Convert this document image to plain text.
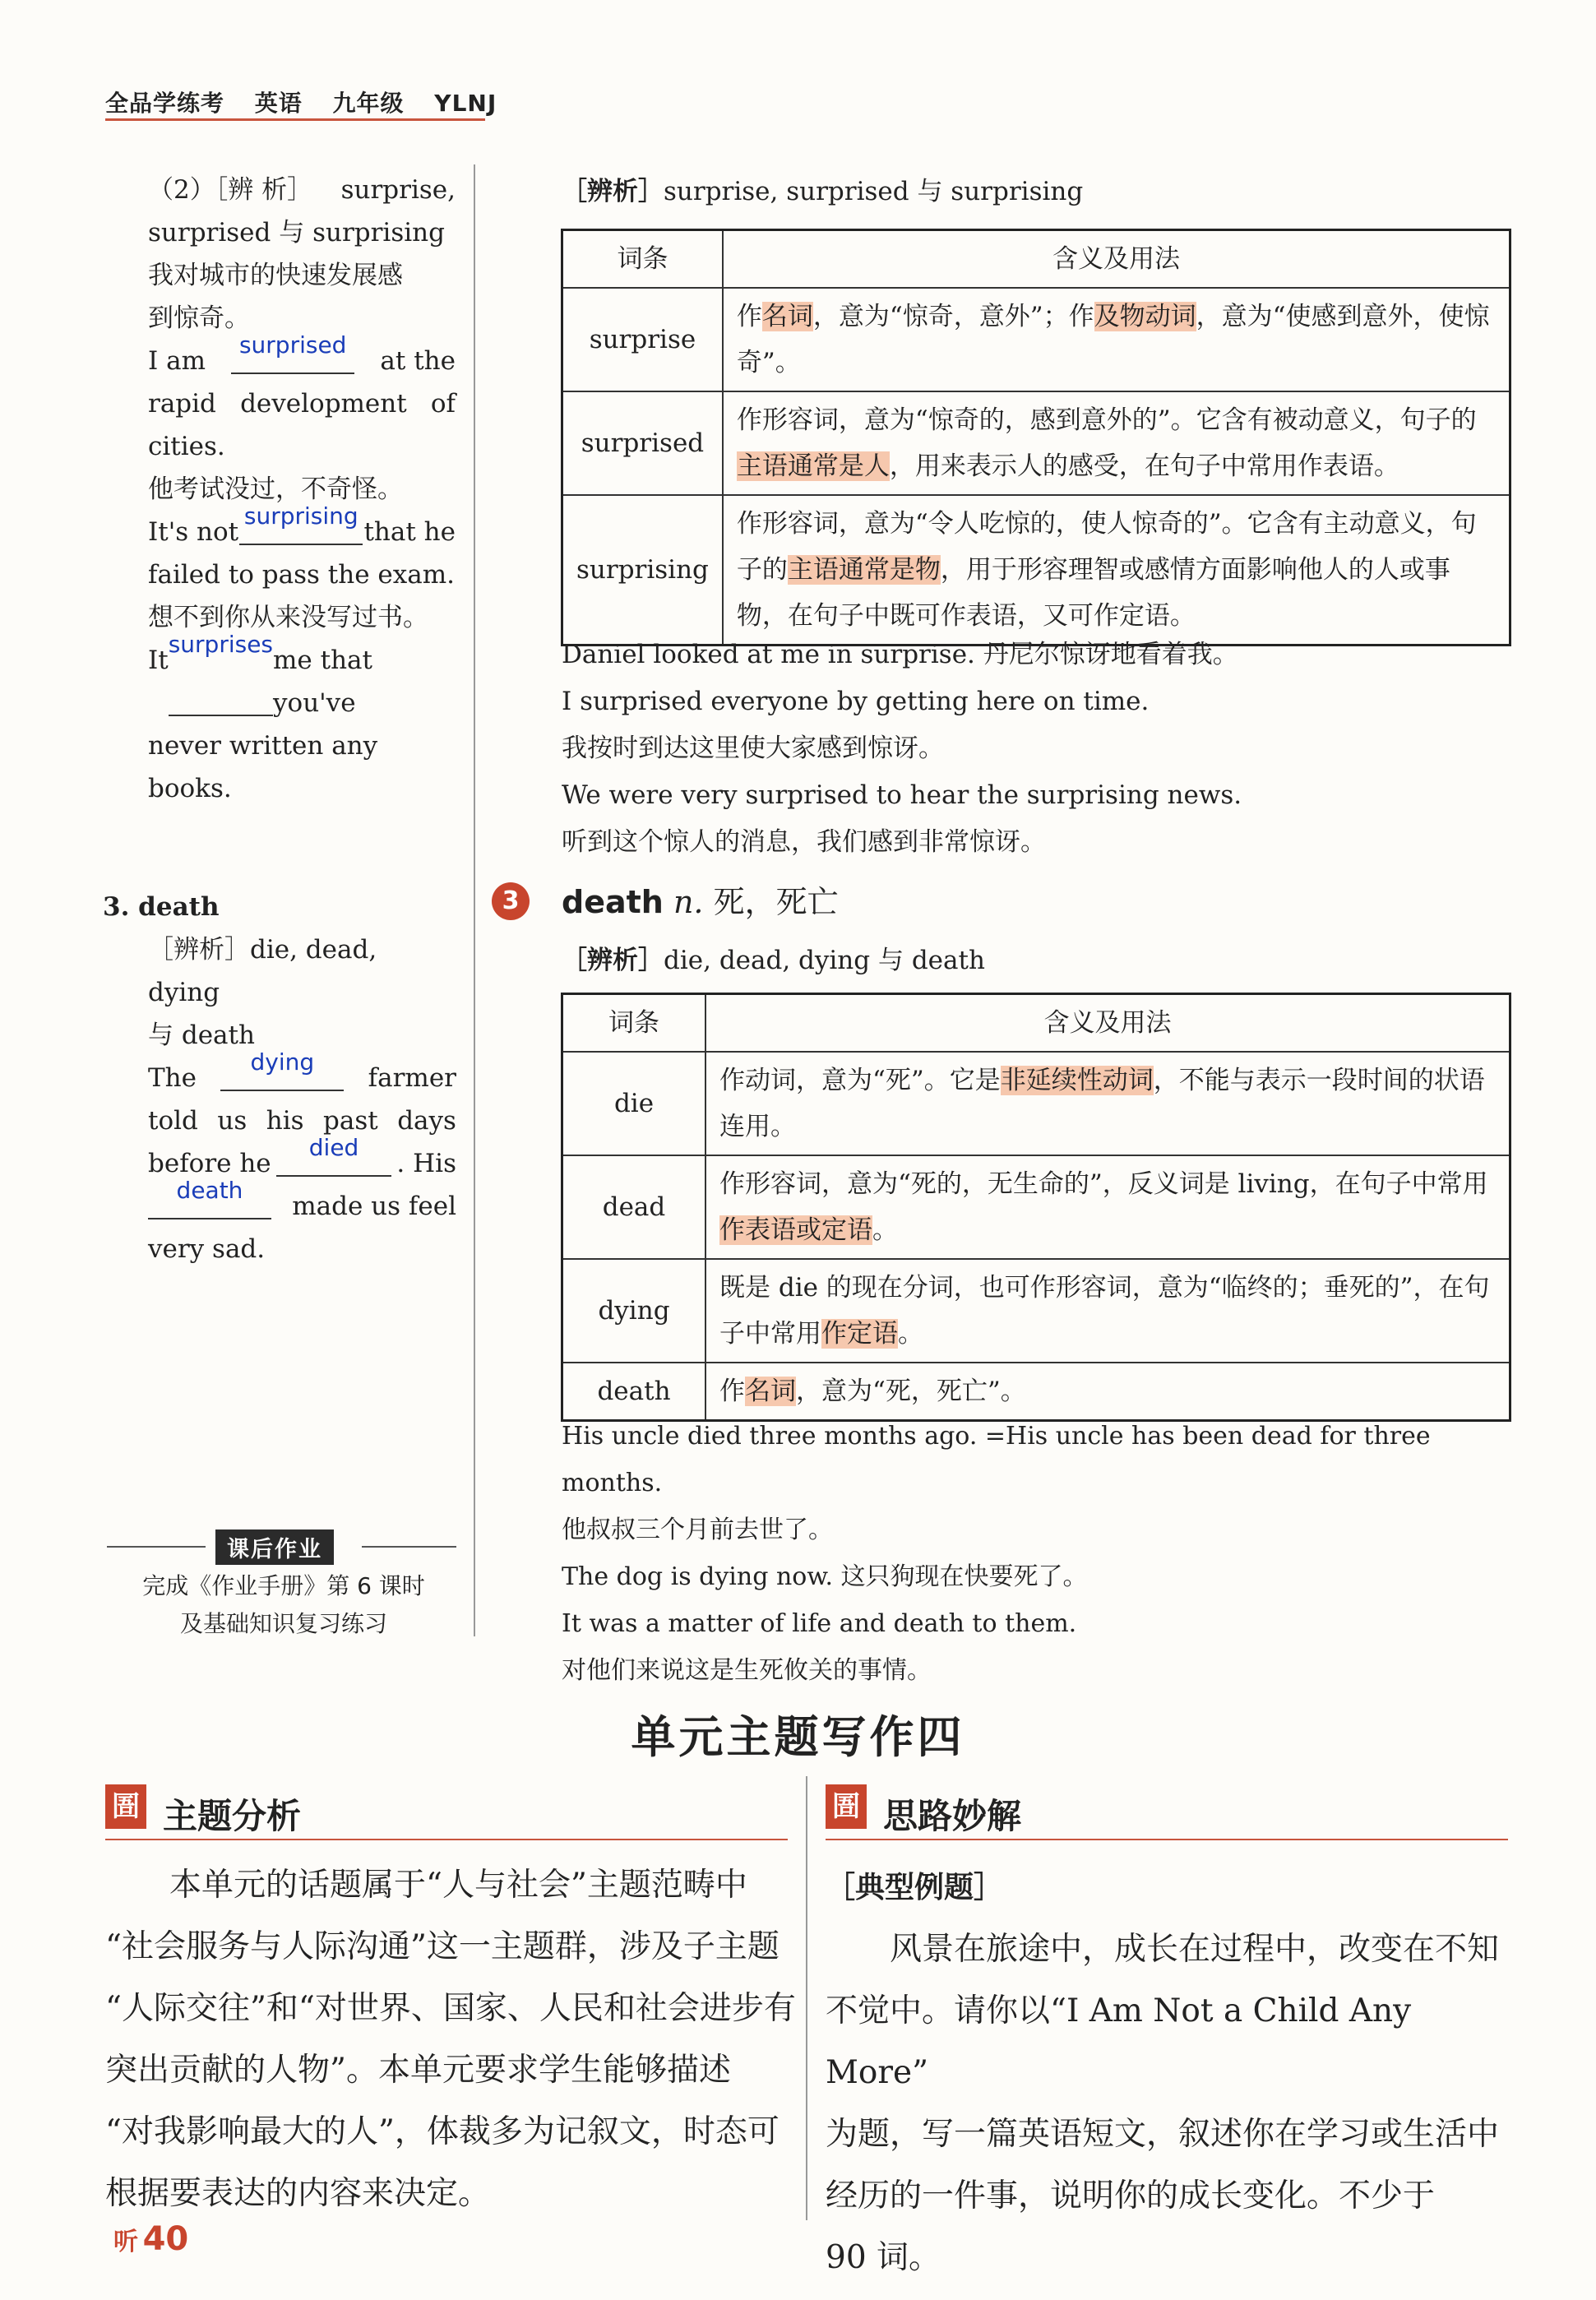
全品学练考 英语 九年级 YLNJ

（2）［辨 析］ surprise,

surprised 与 surprising

我对城市的快速发展感

到惊奇。

I am
surprised
at the

rapid development of

cities.

他考试没过，不奇怪。

It's not
surprising
that he

failed to pass the exam.

想不到你从来没写过书。

It
surprises
me that you've

never written any books.

3. death

［辨析］die, dead, dying

与 death

The
dying
farmer

told us his past days

before he
died
. His

death
made us feel

very sad.

课后作业
完成《作业手册》第 6 课时
及基础知识复习练习

［辨析］surprise, surprised 与 surprising

词条	含义及用法
surprise	作名词，意为“惊奇，意外”；作及物动词，意为“使感到意外，使惊奇”。
surprised	作形容词，意为“惊奇的，感到意外的”。它含有被动意义，句子的主语通常是人，用来表示人的感受，在句子中常用作表语。
surprising	作形容词，意为“令人吃惊的，使人惊奇的”。它含有主动意义，句子的主语通常是物，用于形容理智或感情方面影响他人的人或事物，在句子中既可作表语，又可作定语。

Daniel looked at me in surprise. 丹尼尔惊讶地看着我。

I surprised everyone by getting here on time.

我按时到达这里使大家感到惊讶。

We were very surprised to hear the surprising news.

听到这个惊人的消息，我们感到非常惊讶。

3	death n. 死，死亡

［辨析］die, dead, dying 与 death

词条	含义及用法
die	作动词，意为“死”。它是非延续性动词，不能与表示一段时间的状语连用。
dead	作形容词，意为“死的，无生命的”，反义词是 living，在句子中常用作表语或定语。
dying	既是 die 的现在分词，也可作形容词，意为“临终的；垂死的”，在句子中常用作定语。
death	作名词，意为“死，死亡”。

His uncle died three months ago. =His uncle has been dead for three months.

他叔叔三个月前去世了。

The dog is dying now. 这只狗现在快要死了。

It was a matter of life and death to them.

对他们来说这是生死攸关的事情。

单元主题写作四
圄 主题分析	圄 思路妙解

本单元的话题属于“人与社会”主题范畴中

“社会服务与人际沟通”这一主题群，涉及子主题

“人际交往”和“对世界、国家、人民和社会进步有

突出贡献的人物”。本单元要求学生能够描述

“对我影响最大的人”，体裁多为记叙文，时态可

根据要表达的内容来决定。

［典型例题］

风景在旅途中，成长在过程中，改变在不知

不觉中。请你以“I Am Not a Child Any More”

为题，写一篇英语短文，叙述你在学习或生活中

经历的一件事，说明你的成长变化。不少于

90 词。

听 40
